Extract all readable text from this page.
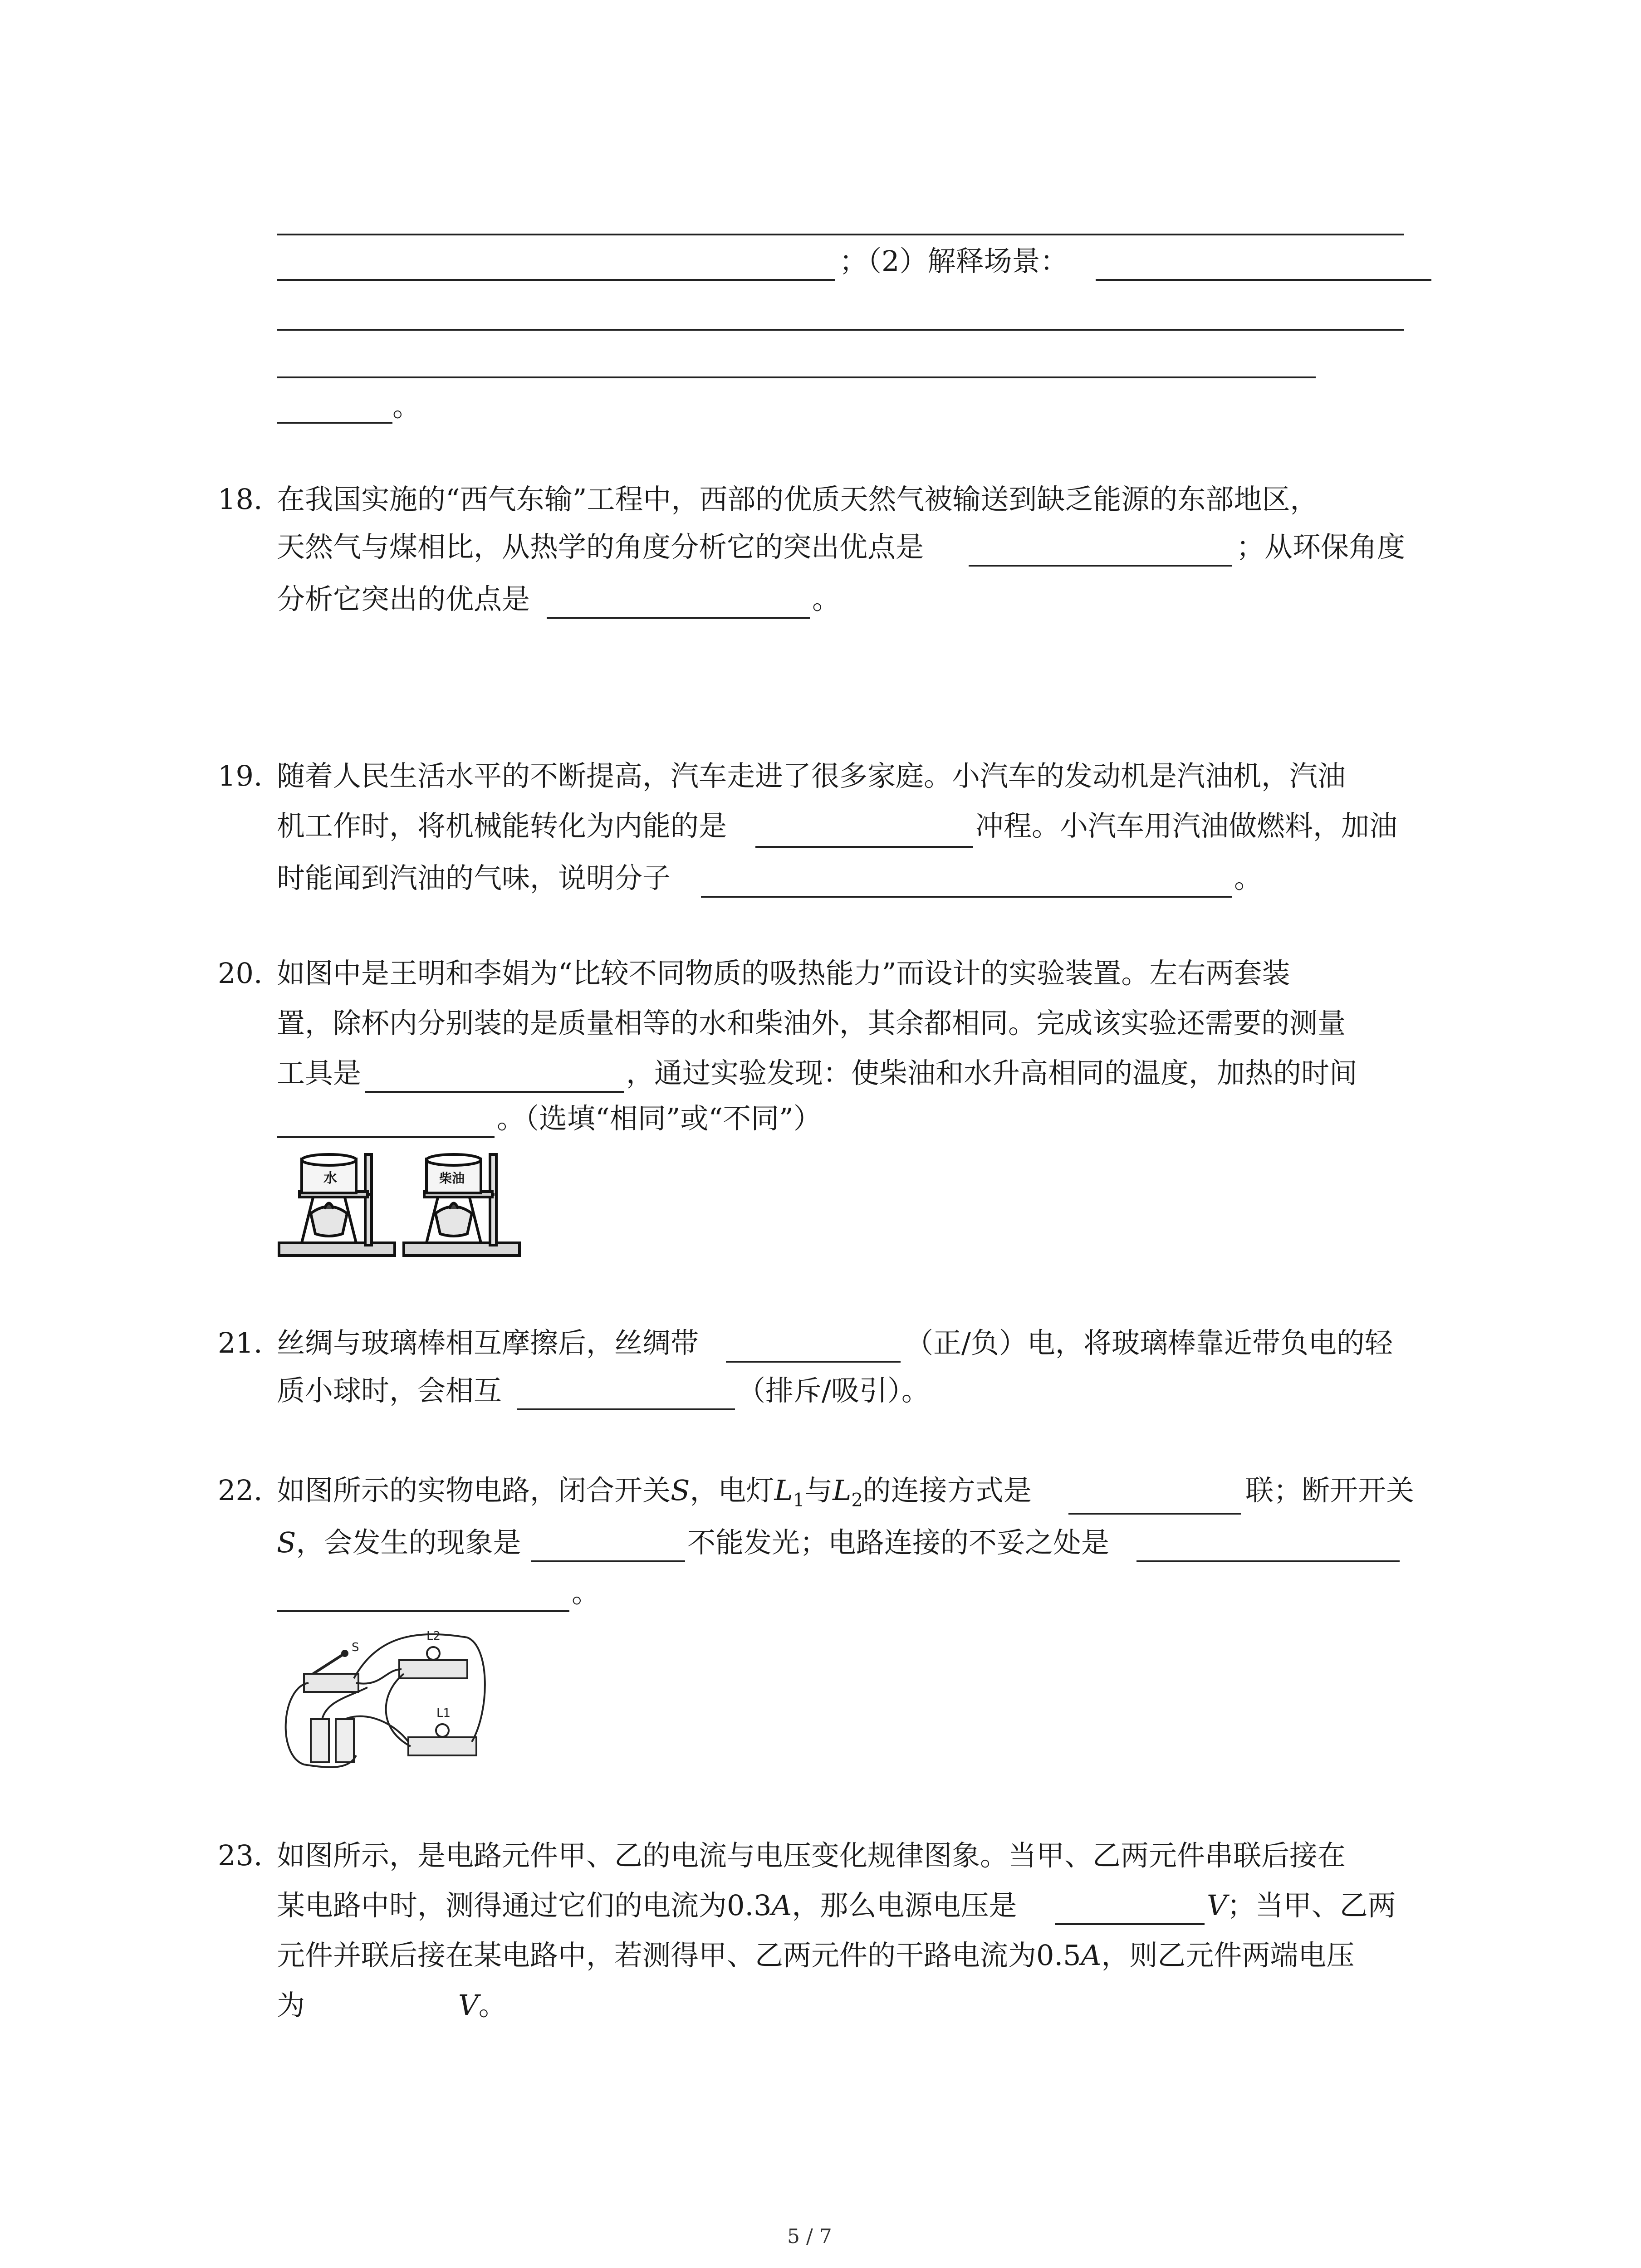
；（2）解释场景：
。
18. 在我国实施的“西气东输”工程中，西部的优质天然气被输送到缺乏能源的东部地区，
天然气与煤相比，从热学的角度分析它的突出优点是	；从环保角度
分析它突出的优点是	。
19. 随着人民生活水平的不断提高，汽车走进了很多家庭。小汽车的发动机是汽油机，汽油
机工作时，将机械能转化为内能的是	冲程。小汽车用汽油做燃料，加油
时能闻到汽油的气味，说明分子	。
20. 如图中是王明和李娟为“比较不同物质的吸热能力”而设计的实验装置。左右两套装
置，除杯内分别装的是质量相等的水和柴油外，其余都相同。完成该实验还需要的测量
工具是	，通过实验发现：使柴油和水升高相同的温度，加热的时间
。（选填“相同”或“不同”）
水	柴油
21. 丝绸与玻璃棒相互摩擦后，丝绸带	（正/负）电，将玻璃棒靠近带负电的轻
质小球时，会相互	（排斥/吸引）。
22. 如图所示的实物电路，闭合开关S，电灯$L_1$与$L_2$的连接方式是	联；断开开关
S，会发生的现象是	不能发光；电路连接的不妥之处是
。
L2
L1
S
23. 如图所示，是电路元件甲、乙的电流与电压变化规律图象。当甲、乙两元件串联后接在
某电路中时，测得通过它们的电流为0.3A，那么电源电压是	V；当甲、乙两
元件并联后接在某电路中，若测得甲、乙两元件的干路电流为0.5A，则乙元件两端电压
为	V。
5 / 7
